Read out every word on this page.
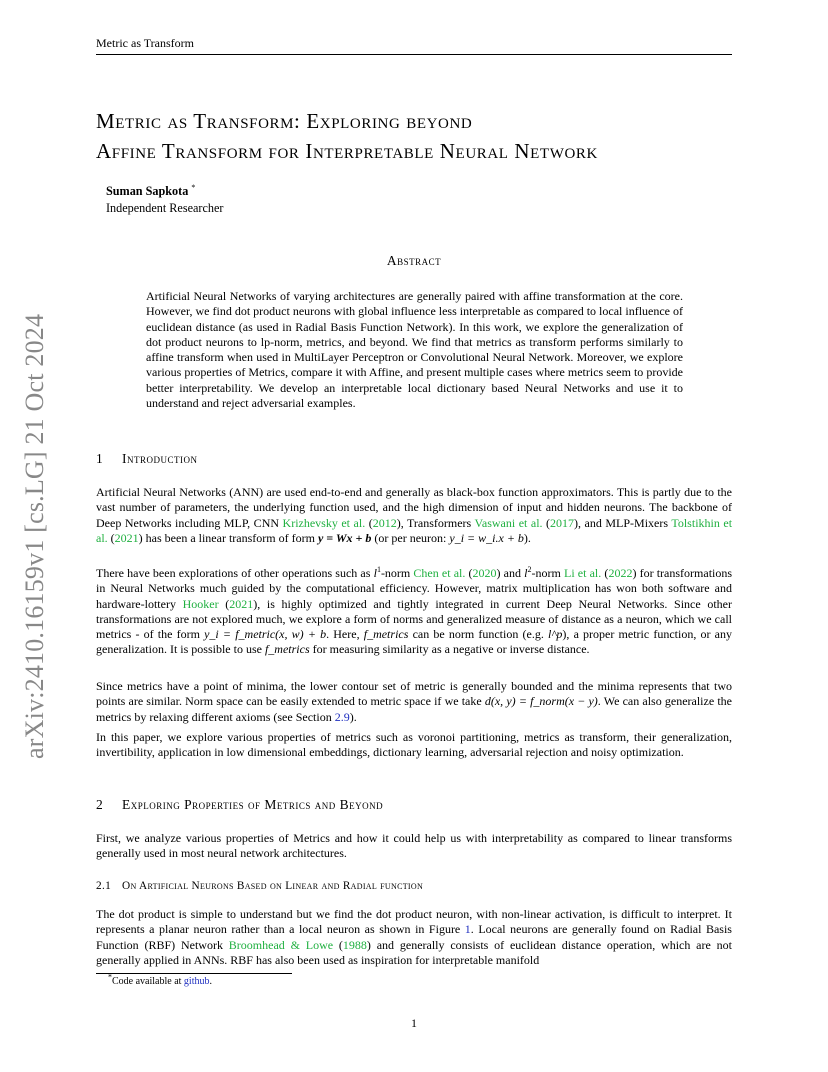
Metric as Transform
arXiv:2410.16159v1 [cs.LG] 21 Oct 2024
Metric as Transform: Exploring beyond
Affine Transform for Interpretable Neural Network
Suman Sapkota *
Independent Researcher
Abstract

Artificial Neural Networks of varying architectures are generally paired with affine transformation at the core. However, we find dot product neurons with global influence less interpretable as compared to local influence of euclidean distance (as used in Radial Basis Function Network). In this work, we explore the generalization of dot product neurons to lp-norm, metrics, and beyond. We find that metrics as transform performs similarly to affine transform when used in MultiLayer Perceptron or Convolutional Neural Network. Moreover, we explore various properties of Metrics, compare it with Affine, and present multiple cases where metrics seem to provide better interpretability. We develop an interpretable local dictionary based Neural Networks and use it to understand and reject adversarial examples.

1 Introduction

Artificial Neural Networks (ANN) are used end-to-end and generally as black-box function approximators. This is partly due to the vast number of parameters, the underlying function used, and the high dimension of input and hidden neurons. The backbone of Deep Networks including MLP, CNN Krizhevsky et al. (2012), Transformers Vaswani et al. (2017), and MLP-Mixers Tolstikhin et al. (2021) has been a linear transform of form y = Wx + b (or per neuron: y_i = w_i.x + b).

There have been explorations of other operations such as $l^1$-norm Chen et al. (2020) and $l^2$-norm Li et al. (2022) for transformations in Neural Networks much guided by the computational efficiency. However, matrix multiplication has won both software and hardware-lottery Hooker (2021), is highly optimized and tightly integrated in current Deep Neural Networks. Since other transformations are not explored much, we explore a form of norms and generalized measure of distance as a neuron, which we call metrics - of the form y_i = f_metric(x, w) + b. Here, f_metrics can be norm function (e.g. l^p), a proper metric function, or any generalization. It is possible to use f_metrics for measuring similarity as a negative or inverse distance.

Since metrics have a point of minima, the lower contour set of metric is generally bounded and the minima represents that two points are similar. Norm space can be easily extended to metric space if we take d(x, y) = f_norm(x − y). We can also generalize the metrics by relaxing different axioms (see Section 2.9).

In this paper, we explore various properties of metrics such as voronoi partitioning, metrics as transform, their generalization, invertibility, application in low dimensional embeddings, dictionary learning, adversarial rejection and noisy optimization.

2 Exploring Properties of Metrics and Beyond

First, we analyze various properties of Metrics and how it could help us with interpretability as compared to linear transforms generally used in most neural network architectures.

2.1 On Artificial Neurons Based on Linear and Radial function

The dot product is simple to understand but we find the dot product neuron, with non-linear activation, is difficult to interpret. It represents a planar neuron rather than a local neuron as shown in Figure 1. Local neurons are generally found on Radial Basis Function (RBF) Network Broomhead & Lowe (1988) and generally consists of euclidean distance operation, which are not generally applied in ANNs. RBF has also been used as inspiration for interpretable manifold

*Code available at github.
1
